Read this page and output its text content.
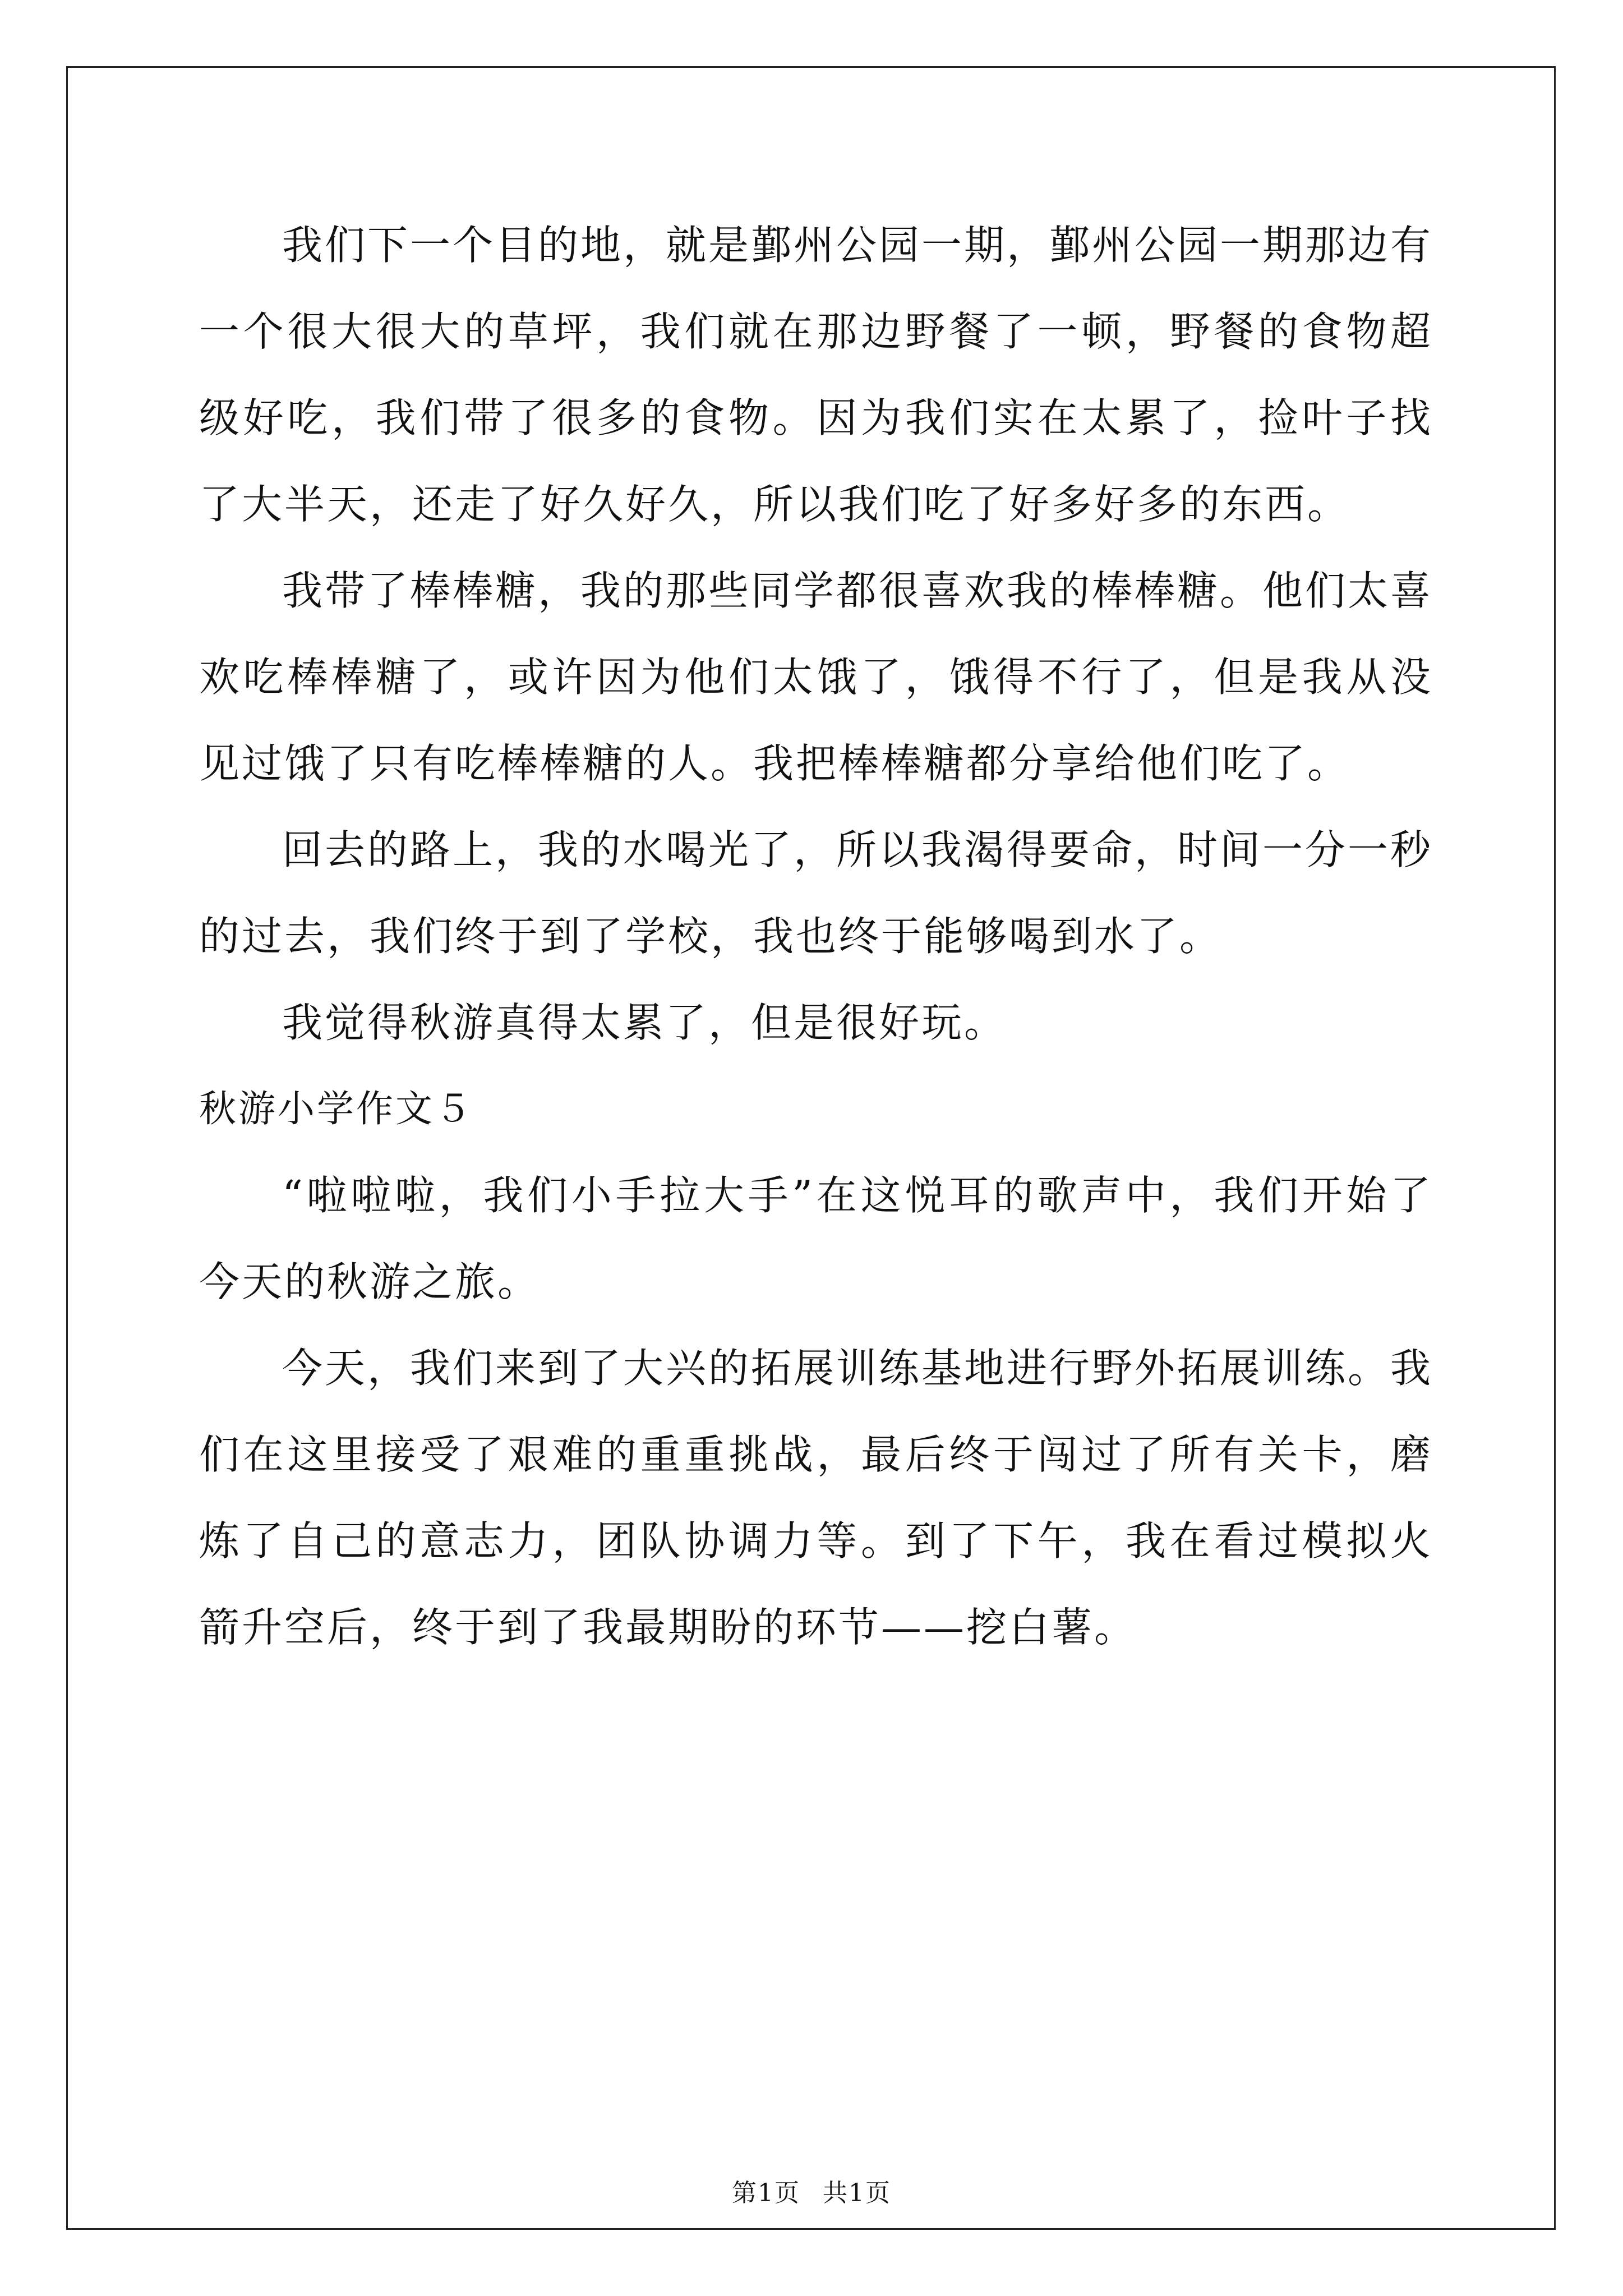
我们下一个目的地，就是鄞州公园一期，鄞州公园一期那边有一个很大很大的草坪，我们就在那边野餐了一顿，野餐的食物超级好吃，我们带了很多的食物。因为我们实在太累了，捡叶子找了大半天，还走了好久好久，所以我们吃了好多好多的东西。

我带了棒棒糖，我的那些同学都很喜欢我的棒棒糖。他们太喜欢吃棒棒糖了，或许因为他们太饿了，饿得不行了，但是我从没见过饿了只有吃棒棒糖的人。我把棒棒糖都分享给他们吃了。

回去的路上，我的水喝光了，所以我渴得要命，时间一分一秒的过去，我们终于到了学校，我也终于能够喝到水了。

我觉得秋游真得太累了，但是很好玩。

秋游小学作文５

“啦啦啦，我们小手拉大手”在这悦耳的歌声中，我们开始了今天的秋游之旅。

今天，我们来到了大兴的拓展训练基地进行野外拓展训练。我们在这里接受了艰难的重重挑战，最后终于闯过了所有关卡，磨炼了自己的意志力，团队协调力等。到了下午，我在看过模拟火箭升空后，终于到了我最期盼的环节——挖白薯。

第1页 共1页
